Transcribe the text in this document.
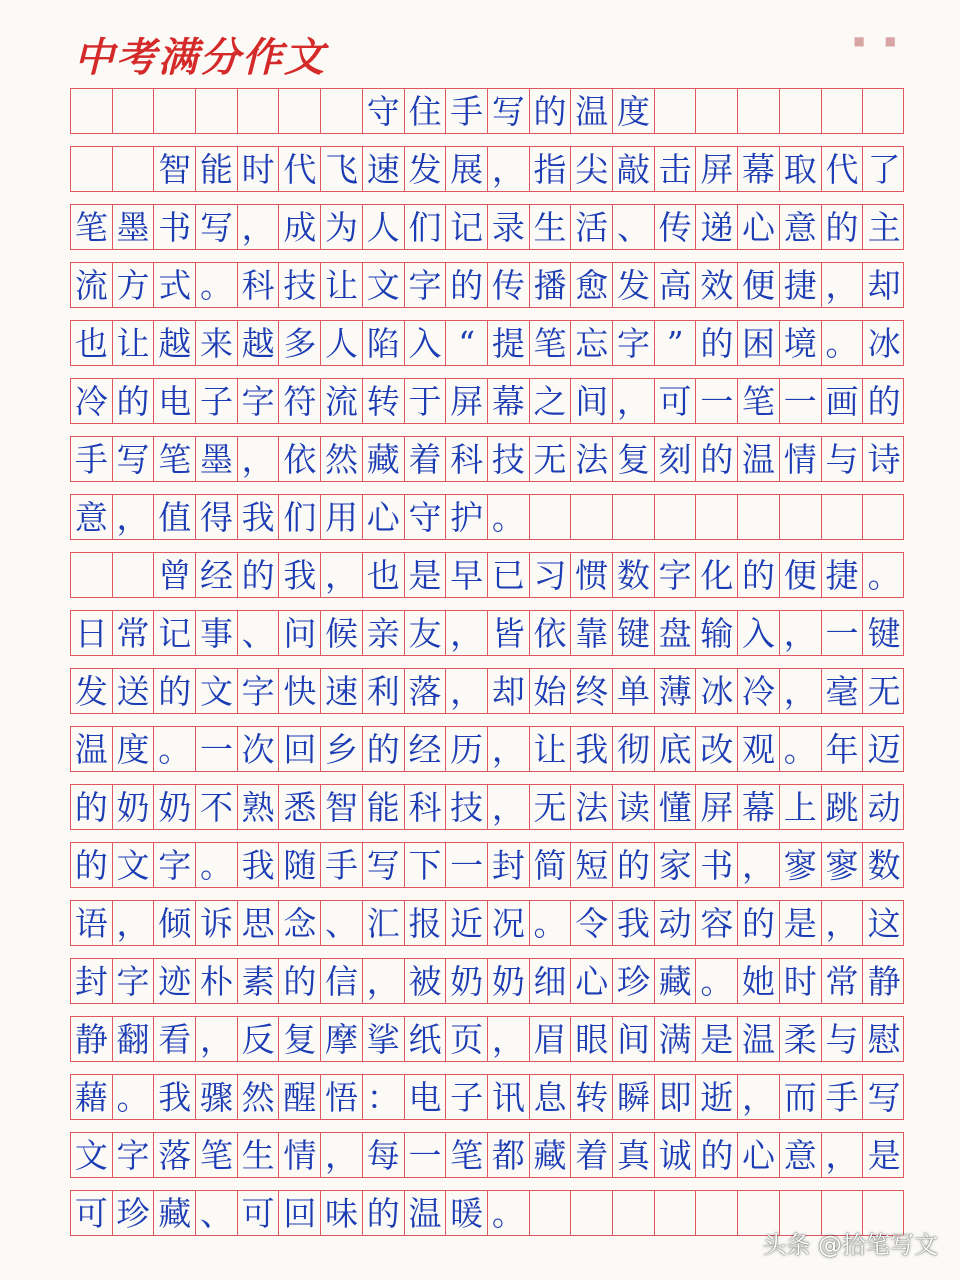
中考满分作文	■ ■
守 住 手 写 的 温 度
智 能 时 代 飞 速 发 展 ， 指 尖 敲 击 屏 幕 取 代 了
笔 墨 书 写 ， 成 为 人 们 记 录 生 活 、 传 递 心 意 的 主
流 方 式 。 科 技 让 文 字 的 传 播 愈 发 高 效 便 捷 ， 却
也 让 越 来 越 多 人 陷 入 “ 提 笔 忘 字 ” 的 困 境 。 冰
冷 的 电 子 字 符 流 转 于 屏 幕 之 间 ， 可 一 笔 一 画 的
手 写 笔 墨 ， 依 然 藏 着 科 技 无 法 复 刻 的 温 情 与 诗
意 ， 值 得 我 们 用 心 守 护 。
曾 经 的 我 ， 也 是 早 已 习 惯 数 字 化 的 便 捷 。
日 常 记 事 、 问 候 亲 友 ， 皆 依 靠 键 盘 输 入 ， 一 键
发 送 的 文 字 快 速 利 落 ， 却 始 终 单 薄 冰 冷 ， 毫 无
温 度 。 一 次 回 乡 的 经 历 ， 让 我 彻 底 改 观 。 年 迈
的 奶 奶 不 熟 悉 智 能 科 技 ， 无 法 读 懂 屏 幕 上 跳 动
的 文 字 。 我 随 手 写 下 一 封 简 短 的 家 书 ， 寥 寥 数
语 ， 倾 诉 思 念 、 汇 报 近 况 。 令 我 动 容 的 是 ， 这
封 字 迹 朴 素 的 信 ， 被 奶 奶 细 心 珍 藏 。 她 时 常 静
静 翻 看 ， 反 复 摩 挲 纸 页 ， 眉 眼 间 满 是 温 柔 与 慰
藉 。 我 骤 然 醒 悟 ： 电 子 讯 息 转 瞬 即 逝 ， 而 手 写
文 字 落 笔 生 情 ， 每 一 笔 都 藏 着 真 诚 的 心 意 ， 是
可 珍 藏 、 可 回 味 的 温 暖 。
头条 @拾笔写文
